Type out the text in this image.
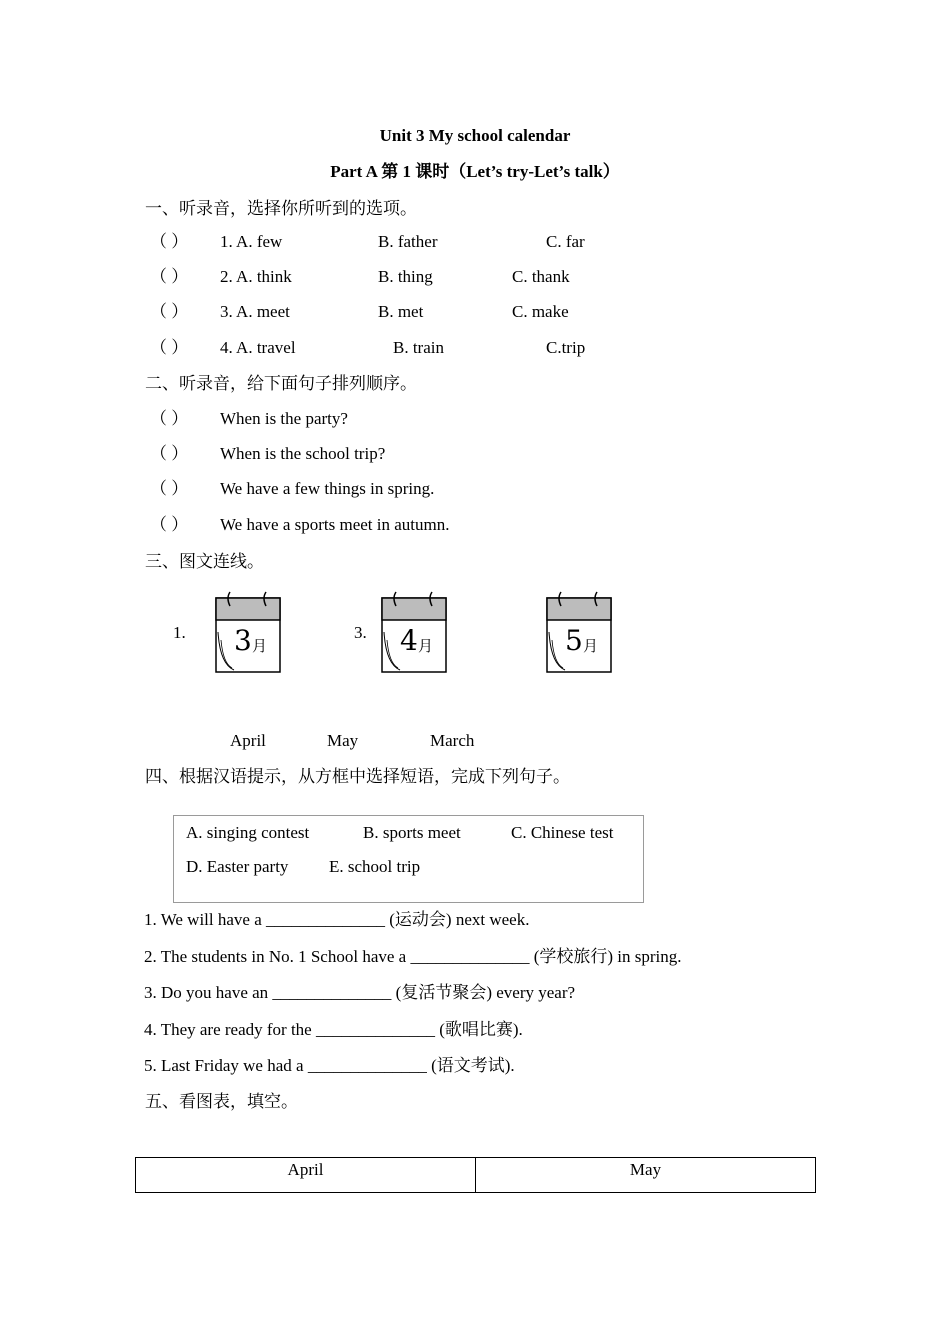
Unit 3 My school calendar
Part A 第 1 课时（Let’s try-Let’s talk）
一、听录音，选择你所听到的选项。
（ ） 1. A. few	B. father	C. far
（ ） 2. A. think	B. thing	C. thank
（ ） 3. A. meet	B. met	C. make
（ ） 4. A. travel	B. train	C.trip
二、听录音，给下面句子排列顺序。
（ ） When is the party?
（ ） When is the school trip?
（ ） We have a few things in spring.
（ ） We have a sports meet in autumn.
三、图文连线。
1.	3.
3 月	4 月	5 月
April	May	March
四、根据汉语提示，从方框中选择短语，完成下列句子。
A. singing contest	B. sports meet	C. Chinese test
D. Easter party E. school trip
1. We will have a ______________ (运动会) next week.
2. The students in No. 1 School have a ______________ (学校旅行) in spring.
3. Do you have an ______________ (复活节聚会) every year?
4. They are ready for the ______________ (歌唱比赛).
5. Last Friday we had a ______________ (语文考试).
五、看图表，填空。
April	May
